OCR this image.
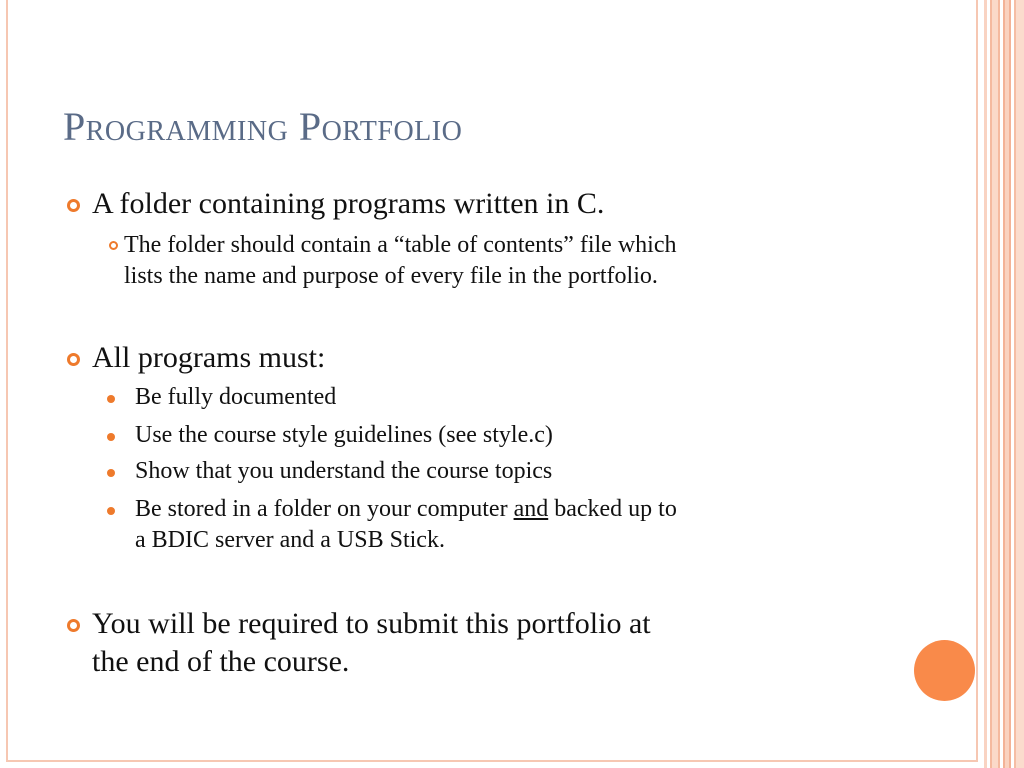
Programming Portfolio
A folder containing programs written in C.
The folder should contain a “table of contents” file which
lists the name and purpose of every file in the portfolio.
All programs must:
Be fully documented
Use the course style guidelines (see style.c)
Show that you understand the course topics
Be stored in a folder on your computer and backed up to
a BDIC server and a USB Stick.
You will be required to submit this portfolio at
the end of the course.
